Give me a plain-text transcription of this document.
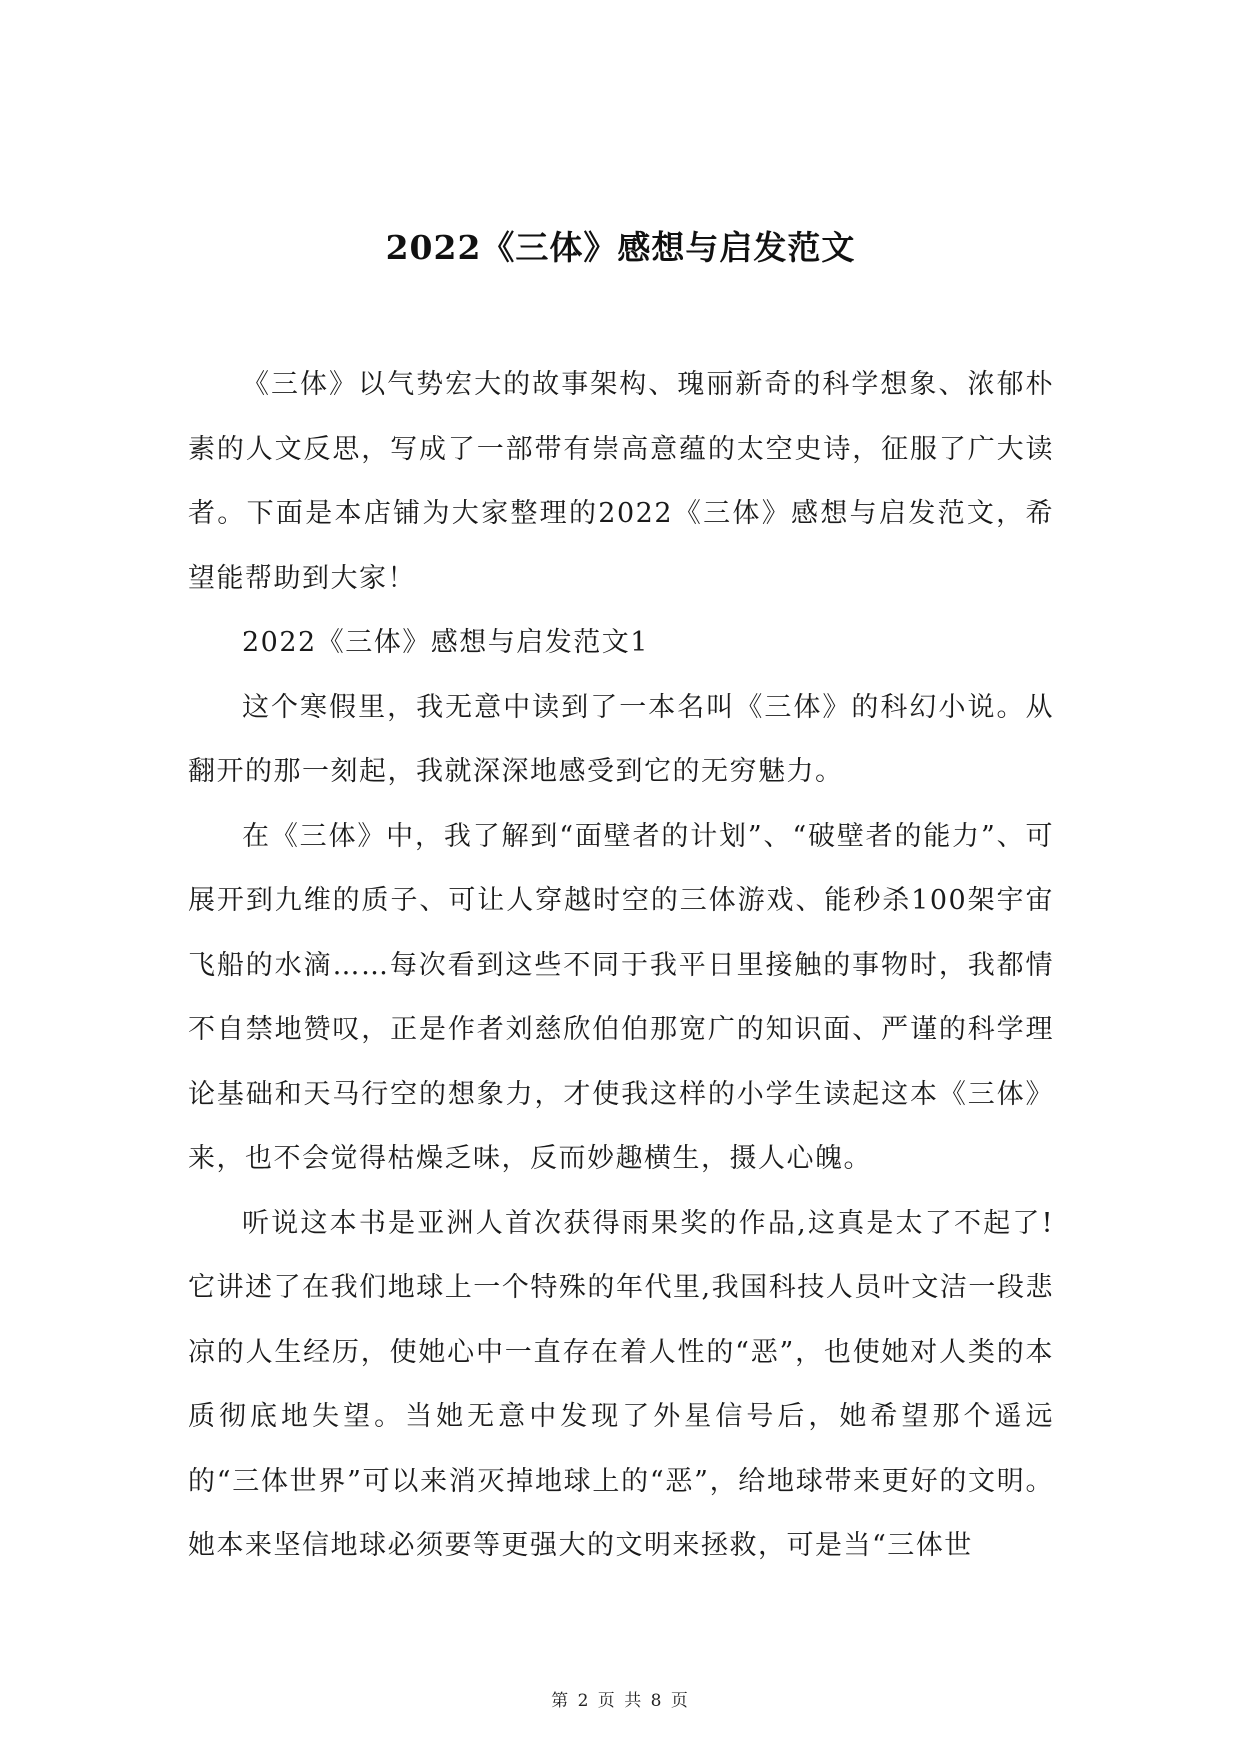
2022《三体》感想与启发范文

《三体》以气势宏大的故事架构、瑰丽新奇的科学想象、浓郁朴素的人文反思，写成了一部带有崇高意蕴的太空史诗，征服了广大读者。下面是本店铺为大家整理的2022《三体》感想与启发范文，希望能帮助到大家！

2022《三体》感想与启发范文1

这个寒假里，我无意中读到了一本名叫《三体》的科幻小说。从翻开的那一刻起，我就深深地感受到它的无穷魅力。

在《三体》中，我了解到“面壁者的计划”、“破壁者的能力”、可展开到九维的质子、可让人穿越时空的三体游戏、能秒杀100架宇宙飞船的水滴……每次看到这些不同于我平日里接触的事物时，我都情不自禁地赞叹，正是作者刘慈欣伯伯那宽广的知识面、严谨的科学理论基础和天马行空的想象力，才使我这样的小学生读起这本《三体》来，也不会觉得枯燥乏味，反而妙趣横生，摄人心魄。

听说这本书是亚洲人首次获得雨果奖的作品,这真是太了不起了!它讲述了在我们地球上一个特殊的年代里,我国科技人员叶文洁一段悲凉的人生经历，使她心中一直存在着人性的“恶”，也使她对人类的本质彻底地失望。当她无意中发现了外星信号后，她希望那个遥远的“三体世界”可以来消灭掉地球上的“恶”，给地球带来更好的文明。她本来坚信地球必须要等更强大的文明来拯救，可是当“三体世

第 2 页 共 8 页
